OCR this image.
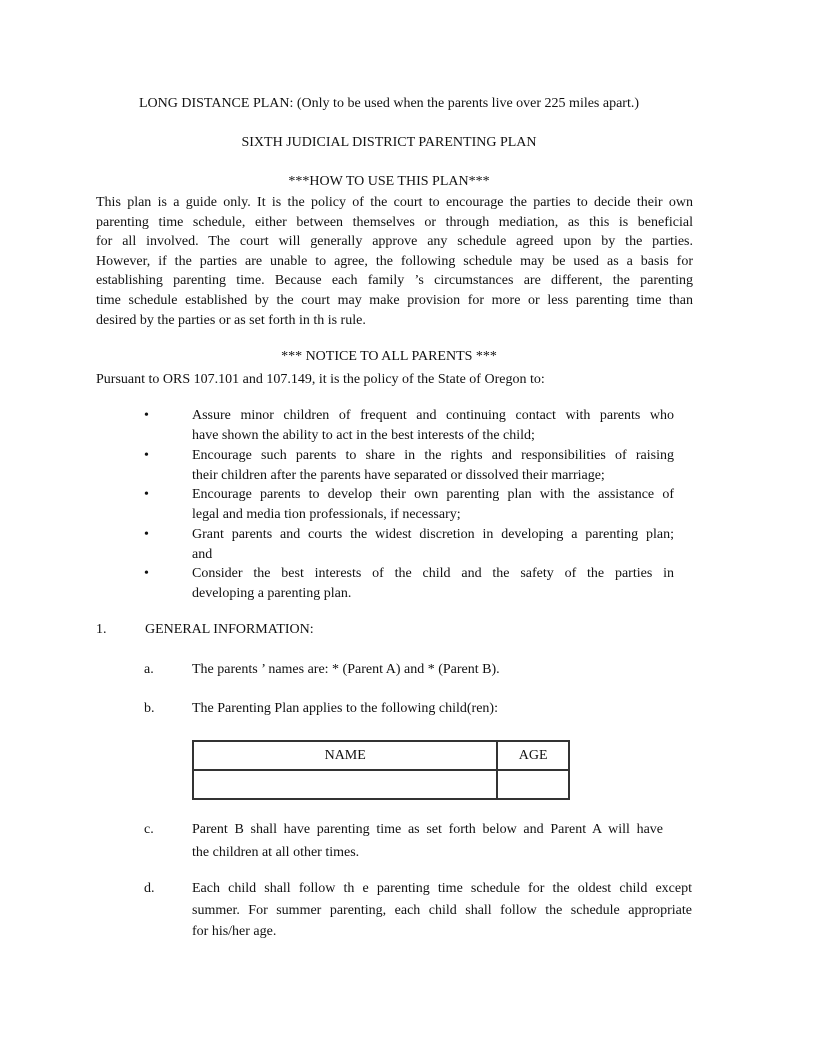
LONG DISTANCE PLAN: (Only to be used when the parents live over 225 miles apart.)
SIXTH JUDICIAL DISTRICT PARENTING PLAN
***HOW TO USE THIS PLAN***
This plan is a guide only. It is the policy of the court to encourage the parties to decide their own
parenting time schedule, either between themselves or through mediation, as this is beneficial
for all involved. The court will generally approve any schedule agreed upon by the parties.
However, if the parties are unable to agree, the following schedule may be used as a basis for
establishing parenting time. Because each family ’s circumstances are different, the parenting
time schedule established by the court may make provision for more or less parenting time than
desired by the parties or as set forth in th is rule.
*** NOTICE TO ALL PARENTS ***
Pursuant to ORS 107.101 and 107.149, it is the policy of the State of Oregon to:
•	Assure minor children of frequent and continuing contact with parents who
have shown the ability to act in the best interests of the child;
•	Encourage such parents to share in the rights and responsibilities of raising
their children after the parents have separated or dissolved their marriage;
•	Encourage parents to develop their own parenting plan with the assistance of
legal and media tion professionals, if necessary;
•	Grant parents and courts the widest discretion in developing a parenting plan;
and
•	Consider the best interests of the child and the safety of the parties in
developing a parenting plan.
1.	GENERAL INFORMATION:
a.	The parents ’ names are: * (Parent A) and * (Parent B).
b.	The Parenting Plan applies to the following child(ren):
NAME	AGE

c.	Parent B shall have parenting time as set forth below and Parent A will have
the children at all other times.
d.	Each child shall follow th e parenting time schedule for the oldest child except
summer. For summer parenting, each child shall follow the schedule appropriate
for his/her age.
